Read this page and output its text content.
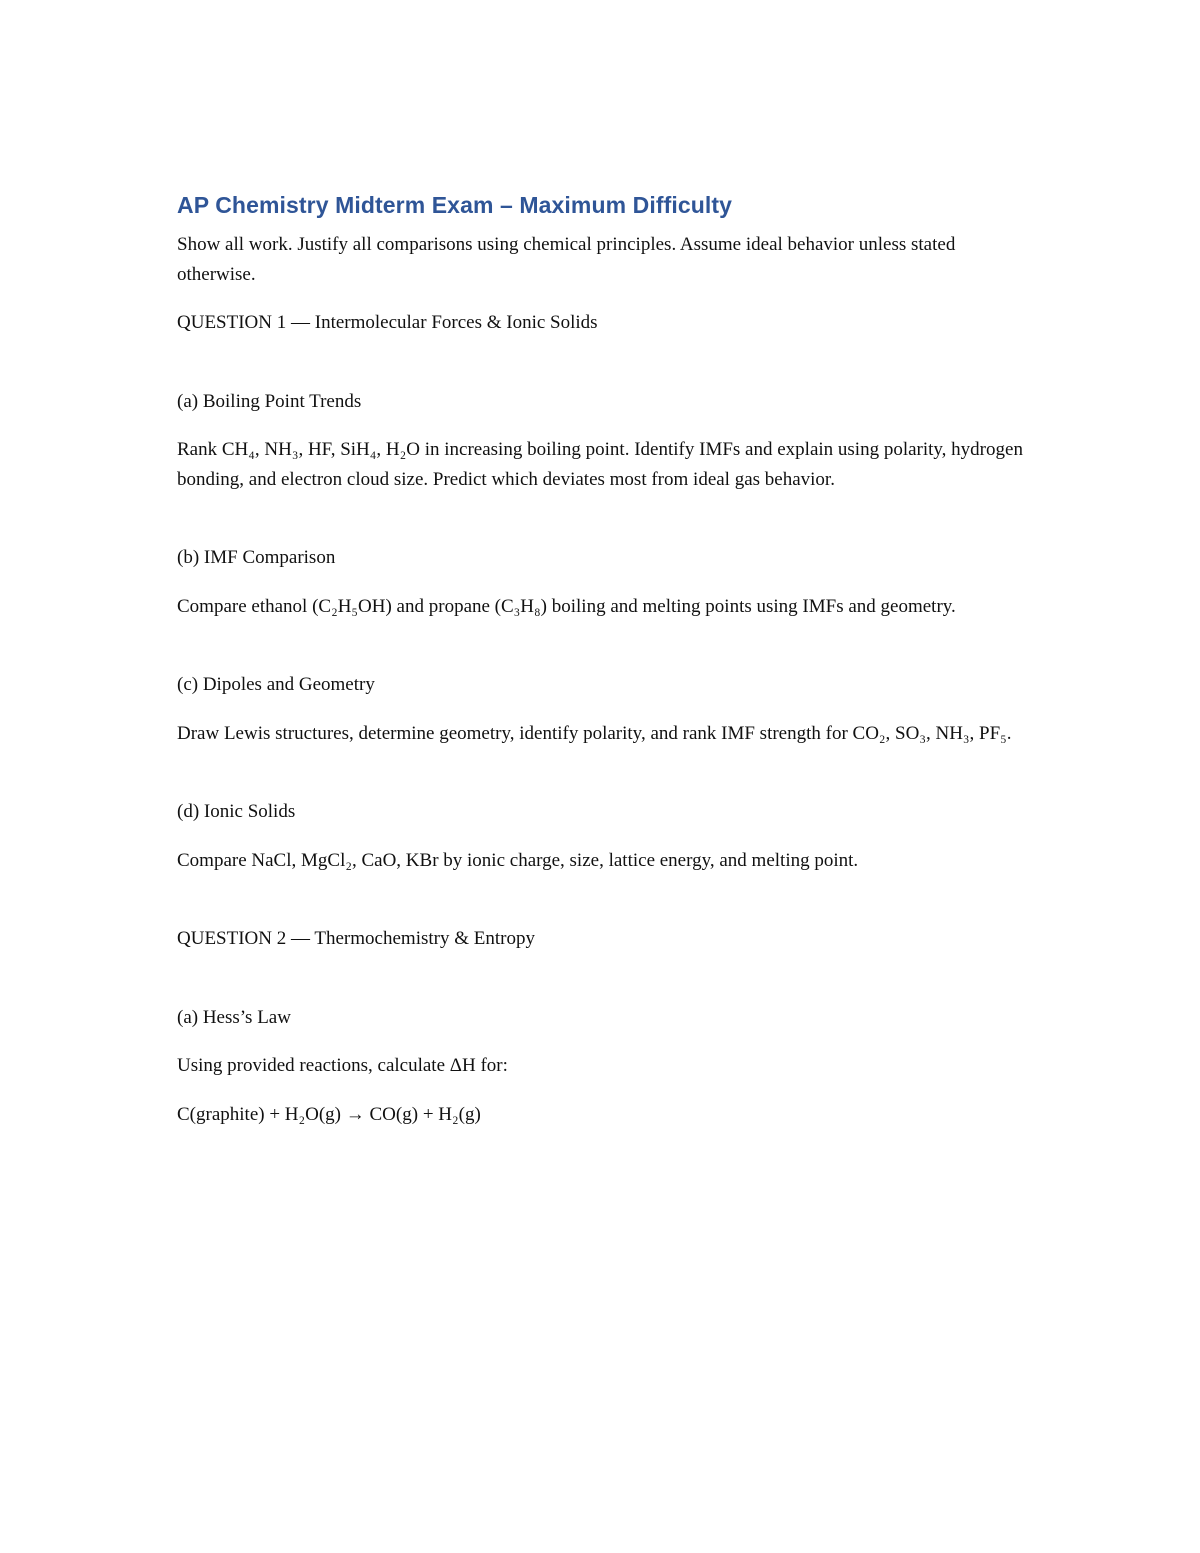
AP Chemistry Midterm Exam – Maximum Difficulty

Show all work. Justify all comparisons using chemical principles. Assume ideal behavior unless stated otherwise.

QUESTION 1 — Intermolecular Forces & Ionic Solids

(a) Boiling Point Trends

Rank CH₄, NH₃, HF, SiH₄, H₂O in increasing boiling point. Identify IMFs and explain using polarity, hydrogen bonding, and electron cloud size. Predict which deviates most from ideal gas behavior.

(b) IMF Comparison

Compare ethanol (C₂H₅OH) and propane (C₃H₈) boiling and melting points using IMFs and geometry.

(c) Dipoles and Geometry

Draw Lewis structures, determine geometry, identify polarity, and rank IMF strength for CO₂, SO₃, NH₃, PF₅.

(d) Ionic Solids

Compare NaCl, MgCl₂, CaO, KBr by ionic charge, size, lattice energy, and melting point.

QUESTION 2 — Thermochemistry & Entropy

(a) Hess’s Law

Using provided reactions, calculate ΔH for:

C(graphite) + H₂O(g) → CO(g) + H₂(g)
